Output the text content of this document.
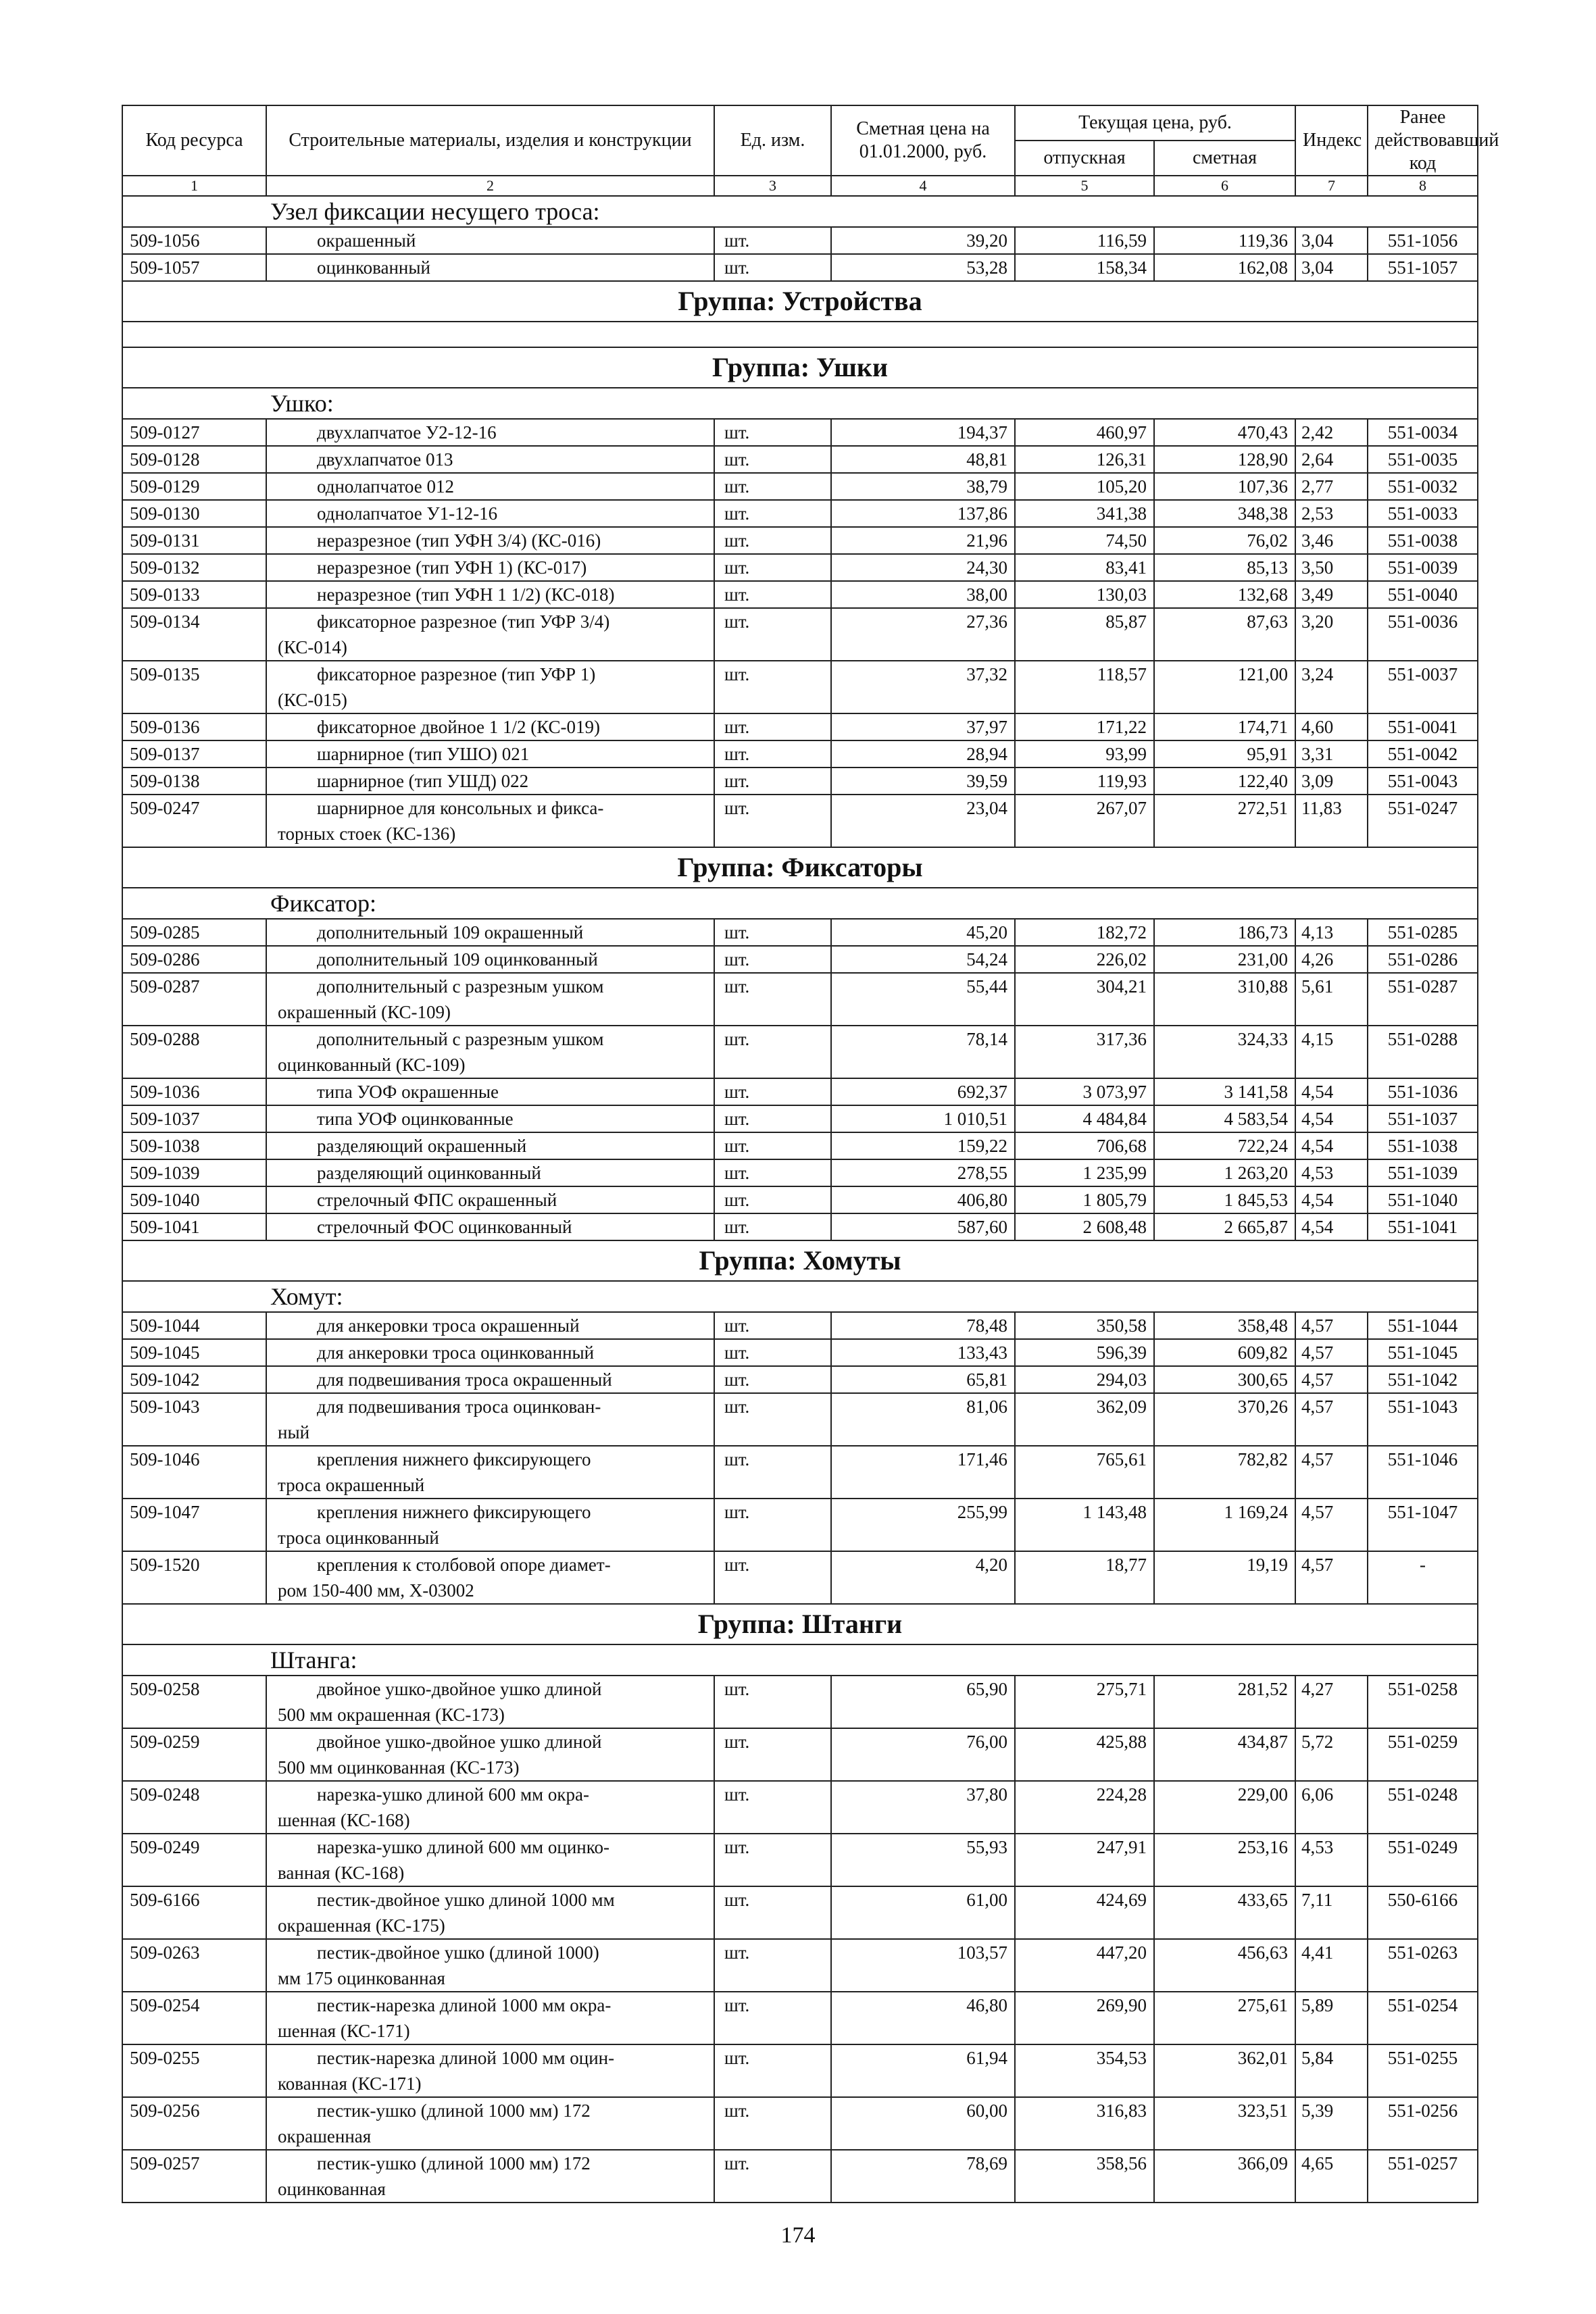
Код ресурса	Строительные материалы, изделия и конструкции	Ед. изм.	Сметная цена на 01.01.2000, руб.	Текущая цена, руб.		Индекс	Ранее действовавший код
				отпускная	сметная		
1	2	3	4	5	6	7	8
Узел фиксации несущего троса:							
509-1056	окрашенный	шт.	39,20	116,59	119,36	3,04	551-1056
509-1057	оцинкованный	шт.	53,28	158,34	162,08	3,04	551-1057
Группа: Устройства							

Группа: Ушки							
Ушко:							
509-0127	двухлапчатое У2-12-16	шт.	194,37	460,97	470,43	2,42	551-0034
509-0128	двухлапчатое 013	шт.	48,81	126,31	128,90	2,64	551-0035
509-0129	однолапчатое 012	шт.	38,79	105,20	107,36	2,77	551-0032
509-0130	однолапчатое У1-12-16	шт.	137,86	341,38	348,38	2,53	551-0033
509-0131	неразрезное (тип УФН 3/4) (КС-016)	шт.	21,96	74,50	76,02	3,46	551-0038
509-0132	неразрезное (тип УФН 1) (КС-017)	шт.	24,30	83,41	85,13	3,50	551-0039
509-0133	неразрезное (тип УФН 1 1/2) (КС-018)	шт.	38,00	130,03	132,68	3,49	551-0040
509-0134	фиксаторное разрезное (тип УФР 3/4)
(КС-014)	шт.	27,36	85,87	87,63	3,20	551-0036
509-0135	фиксаторное разрезное (тип УФР 1)
(КС-015)	шт.	37,32	118,57	121,00	3,24	551-0037
509-0136	фиксаторное двойное 1 1/2 (КС-019)	шт.	37,97	171,22	174,71	4,60	551-0041
509-0137	шарнирное (тип УШО) 021	шт.	28,94	93,99	95,91	3,31	551-0042
509-0138	шарнирное (тип УШД) 022	шт.	39,59	119,93	122,40	3,09	551-0043
509-0247	шарнирное для консольных и фикса-
торных стоек (КС-136)	шт.	23,04	267,07	272,51	11,83	551-0247
Группа: Фиксаторы							
Фиксатор:							
509-0285	дополнительный 109 окрашенный	шт.	45,20	182,72	186,73	4,13	551-0285
509-0286	дополнительный 109 оцинкованный	шт.	54,24	226,02	231,00	4,26	551-0286
509-0287	дополнительный с разрезным ушком
окрашенный (КС-109)	шт.	55,44	304,21	310,88	5,61	551-0287
509-0288	дополнительный с разрезным ушком
оцинкованный (КС-109)	шт.	78,14	317,36	324,33	4,15	551-0288
509-1036	типа УОФ окрашенные	шт.	692,37	3 073,97	3 141,58	4,54	551-1036
509-1037	типа УОФ оцинкованные	шт.	1 010,51	4 484,84	4 583,54	4,54	551-1037
509-1038	разделяющий окрашенный	шт.	159,22	706,68	722,24	4,54	551-1038
509-1039	разделяющий оцинкованный	шт.	278,55	1 235,99	1 263,20	4,53	551-1039
509-1040	стрелочный ФПС окрашенный	шт.	406,80	1 805,79	1 845,53	4,54	551-1040
509-1041	стрелочный ФОС оцинкованный	шт.	587,60	2 608,48	2 665,87	4,54	551-1041
Группа: Хомуты							
Хомут:							
509-1044	для анкеровки троса окрашенный	шт.	78,48	350,58	358,48	4,57	551-1044
509-1045	для анкеровки троса оцинкованный	шт.	133,43	596,39	609,82	4,57	551-1045
509-1042	для подвешивания троса окрашенный	шт.	65,81	294,03	300,65	4,57	551-1042
509-1043	для подвешивания троса оцинкован-
ный	шт.	81,06	362,09	370,26	4,57	551-1043
509-1046	крепления нижнего фиксирующего
троса окрашенный	шт.	171,46	765,61	782,82	4,57	551-1046
509-1047	крепления нижнего фиксирующего
троса оцинкованный	шт.	255,99	1 143,48	1 169,24	4,57	551-1047
509-1520	крепления к столбовой опоре диамет-
ром 150-400 мм, Х-03002	шт.	4,20	18,77	19,19	4,57	-
Группа: Штанги							
Штанга:							
509-0258	двойное ушко-двойное ушко длиной
500 мм окрашенная (КС-173)	шт.	65,90	275,71	281,52	4,27	551-0258
509-0259	двойное ушко-двойное ушко длиной
500 мм оцинкованная (КС-173)	шт.	76,00	425,88	434,87	5,72	551-0259
509-0248	нарезка-ушко длиной 600 мм окра-
шенная (КС-168)	шт.	37,80	224,28	229,00	6,06	551-0248
509-0249	нарезка-ушко длиной 600 мм оцинко-
ванная (КС-168)	шт.	55,93	247,91	253,16	4,53	551-0249
509-6166	пестик-двойное ушко длиной 1000 мм
окрашенная (КС-175)	шт.	61,00	424,69	433,65	7,11	550-6166
509-0263	пестик-двойное ушко (длиной 1000)
мм 175 оцинкованная	шт.	103,57	447,20	456,63	4,41	551-0263
509-0254	пестик-нарезка длиной 1000 мм окра-
шенная (КС-171)	шт.	46,80	269,90	275,61	5,89	551-0254
509-0255	пестик-нарезка длиной 1000 мм оцин-
кованная (КС-171)	шт.	61,94	354,53	362,01	5,84	551-0255
509-0256	пестик-ушко (длиной 1000 мм) 172
окрашенная	шт.	60,00	316,83	323,51	5,39	551-0256
509-0257	пестик-ушко (длиной 1000 мм) 172
оцинкованная	шт.	78,69	358,56	366,09	4,65	551-0257
174
